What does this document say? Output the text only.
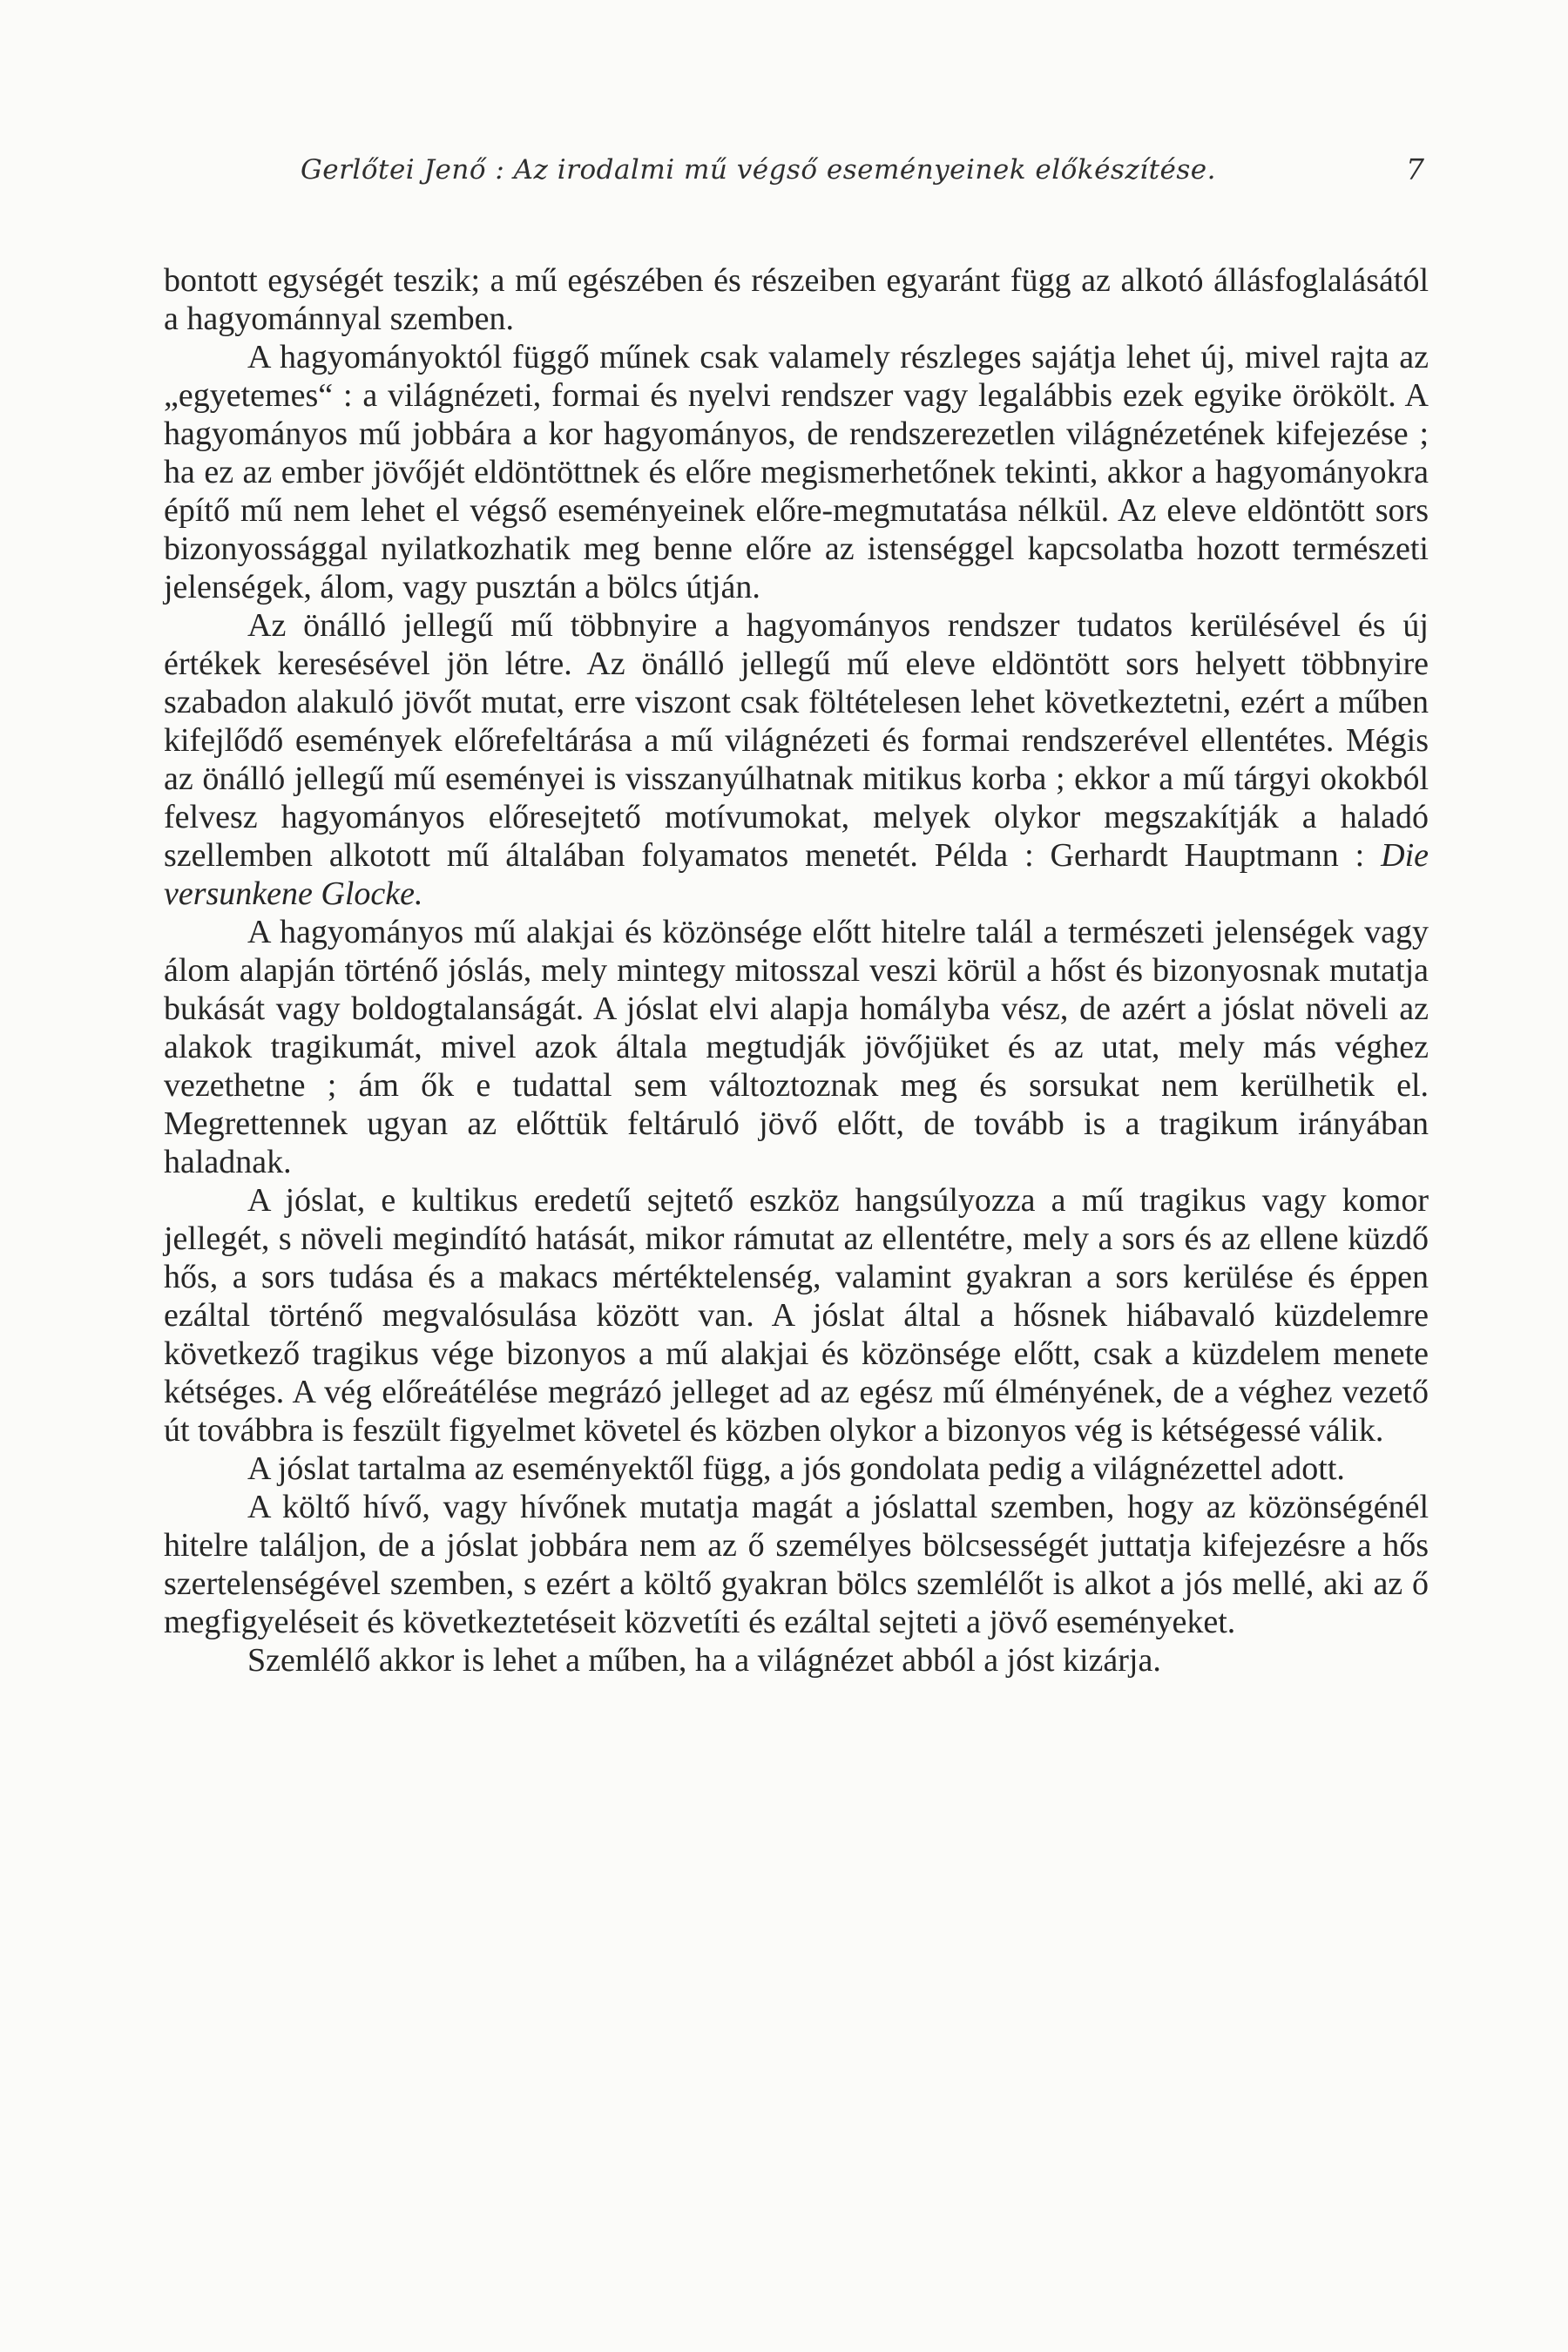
Gerlőtei Jenő : Az irodalmi mű végső eseményeinek előkészítése.	7

bontott egységét teszik; a mű egészében és részeiben egyaránt függ az alkotó állásfoglalásától a hagyománnyal szemben.

A hagyományoktól függő műnek csak valamely részleges sajátja lehet új, mivel rajta az „egyetemes“ : a világnézeti, formai és nyelvi rendszer vagy legalábbis ezek egyike örökölt. A hagyományos mű jobbára a kor hagyományos, de rendszerezetlen világnézetének kifejezése ; ha ez az ember jövőjét eldöntöttnek és előre megismerhetőnek tekinti, akkor a hagyományokra építő mű nem lehet el végső eseményeinek előre-megmutatása nélkül. Az eleve eldöntött sors bizonyossággal nyilatkozhatik meg benne előre az istenséggel kapcsolatba hozott természeti jelenségek, álom, vagy pusztán a bölcs útján.

Az önálló jellegű mű többnyire a hagyományos rendszer tudatos kerülésével és új értékek keresésével jön létre. Az önálló jellegű mű eleve eldöntött sors helyett többnyire szabadon alakuló jövőt mutat, erre viszont csak föltételesen lehet következtetni, ezért a műben kifejlődő események előrefeltárása a mű világnézeti és formai rendszerével ellentétes. Mégis az önálló jellegű mű eseményei is visszanyúlhatnak mitikus korba ; ekkor a mű tárgyi okokból felvesz hagyományos előresejtető motívumokat, melyek olykor megszakítják a haladó szellemben alkotott mű általában folyamatos menetét. Példa : Gerhardt Hauptmann : Die versunkene Glocke.

A hagyományos mű alakjai és közönsége előtt hitelre talál a természeti jelenségek vagy álom alapján történő jóslás, mely mintegy mitosszal veszi körül a hőst és bizonyosnak mutatja bukását vagy boldogtalanságát. A jóslat elvi alapja homályba vész, de azért a jóslat növeli az alakok tragikumát, mivel azok általa megtudják jövőjüket és az utat, mely más véghez vezethetne ; ám ők e tudattal sem változtoznak meg és sorsukat nem kerülhetik el. Megrettennek ugyan az előttük feltáruló jövő előtt, de tovább is a tragikum irányában haladnak.

A jóslat, e kultikus eredetű sejtető eszköz hangsúlyozza a mű tragikus vagy komor jellegét, s növeli megindító hatását, mikor rámutat az ellentétre, mely a sors és az ellene küzdő hős, a sors tudása és a makacs mértéktelenség, valamint gyakran a sors kerülése és éppen ezáltal történő megvalósulása között van. A jóslat által a hősnek hiábavaló küzdelemre következő tragikus vége bizonyos a mű alakjai és közönsége előtt, csak a küzdelem menete kétséges. A vég előreátélése megrázó jelleget ad az egész mű élményének, de a véghez vezető út továbbra is feszült figyelmet követel és közben olykor a bizonyos vég is kétségessé válik.

A jóslat tartalma az eseményektől függ, a jós gondolata pedig a világnézettel adott.

A költő hívő, vagy hívőnek mutatja magát a jóslattal szemben, hogy az közönségénél hitelre találjon, de a jóslat jobbára nem az ő személyes bölcsességét juttatja kifejezésre a hős szertelenségével szemben, s ezért a költő gyakran bölcs szemlélőt is alkot a jós mellé, aki az ő megfigyeléseit és következtetéseit közvetíti és ezáltal sejteti a jövő eseményeket.

Szemlélő akkor is lehet a műben, ha a világnézet abból a jóst kizárja.
